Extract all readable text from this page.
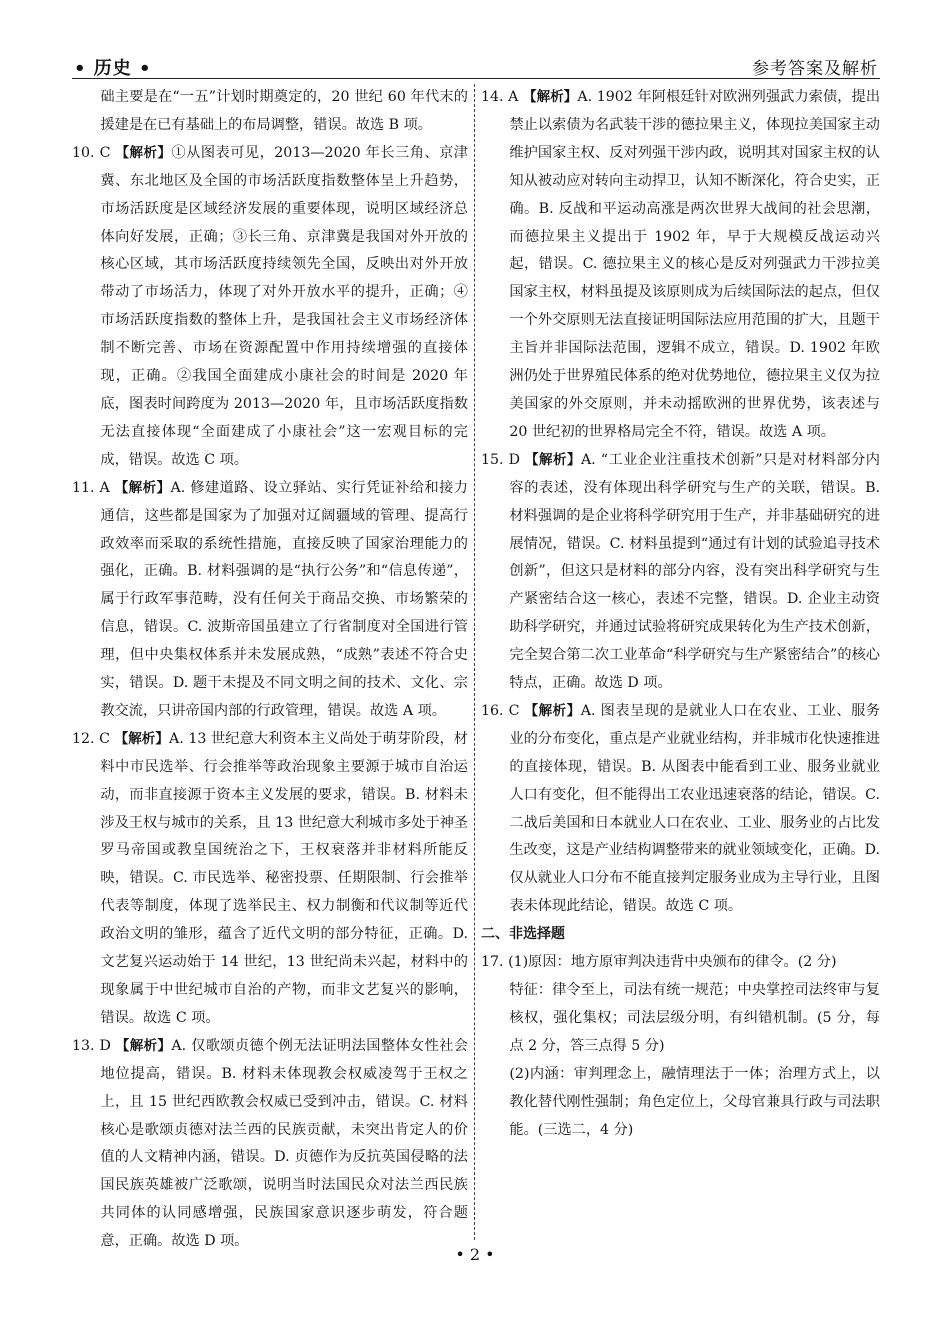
• 历史 •	参考答案及解析

础主要是在“一五”计划时期奠定的，20 世纪 60 年代末的援建是在已有基础上的布局调整，错误。故选 B 项。

10. C 【解析】①从图表可见，2013—2020 年长三角、京津冀、东北地区及全国的市场活跃度指数整体呈上升趋势，市场活跃度是区域经济发展的重要体现，说明区域经济总体向好发展，正确；③长三角、京津冀是我国对外开放的核心区域，其市场活跃度持续领先全国，反映出对外开放带动了市场活力，体现了对外开放水平的提升，正确；④市场活跃度指数的整体上升，是我国社会主义市场经济体制不断完善、市场在资源配置中作用持续增强的直接体现，正确。②我国全面建成小康社会的时间是 2020 年底，图表时间跨度为 2013—2020 年，且市场活跃度指数无法直接体现“全面建成了小康社会”这一宏观目标的完成，错误。故选 C 项。

11. A 【解析】A. 修建道路、设立驿站、实行凭证补给和接力通信，这些都是国家为了加强对辽阔疆域的管理、提高行政效率而采取的系统性措施，直接反映了国家治理能力的强化，正确。B. 材料强调的是“执行公务”和“信息传递”，属于行政军事范畴，没有任何关于商品交换、市场繁荣的信息，错误。C. 波斯帝国虽建立了行省制度对全国进行管理，但中央集权体系并未发展成熟，“成熟”表述不符合史实，错误。D. 题干未提及不同文明之间的技术、文化、宗教交流，只讲帝国内部的行政管理，错误。故选 A 项。

12. C 【解析】A. 13 世纪意大利资本主义尚处于萌芽阶段，材料中市民选举、行会推举等政治现象主要源于城市自治运动，而非直接源于资本主义发展的要求，错误。B. 材料未涉及王权与城市的关系，且 13 世纪意大利城市多处于神圣罗马帝国或教皇国统治之下，王权衰落并非材料所能反映，错误。C. 市民选举、秘密投票、任期限制、行会推举代表等制度，体现了选举民主、权力制衡和代议制等近代政治文明的雏形，蕴含了近代文明的部分特征，正确。D. 文艺复兴运动始于 14 世纪，13 世纪尚未兴起，材料中的现象属于中世纪城市自治的产物，而非文艺复兴的影响，错误。故选 C 项。

13. D 【解析】A. 仅歌颂贞德个例无法证明法国整体女性社会地位提高，错误。B. 材料未体现教会权威凌驾于王权之上，且 15 世纪西欧教会权威已受到冲击，错误。C. 材料核心是歌颂贞德对法兰西的民族贡献，未突出肯定人的价值的人文精神内涵，错误。D. 贞德作为反抗英国侵略的法国民族英雄被广泛歌颂，说明当时法国民众对法兰西民族共同体的认同感增强，民族国家意识逐步萌发，符合题意，正确。故选 D 项。

14. A 【解析】A. 1902 年阿根廷针对欧洲列强武力索债，提出禁止以索债为名武装干涉的德拉果主义，体现拉美国家主动维护国家主权、反对列强干涉内政，说明其对国家主权的认知从被动应对转向主动捍卫，认知不断深化，符合史实，正确。B. 反战和平运动高涨是两次世界大战间的社会思潮，而德拉果主义提出于 1902 年，早于大规模反战运动兴起，错误。C. 德拉果主义的核心是反对列强武力干涉拉美国家主权，材料虽提及该原则成为后续国际法的起点，但仅一个外交原则无法直接证明国际法应用范围的扩大，且题干主旨并非国际法范围，逻辑不成立，错误。D. 1902 年欧洲仍处于世界殖民体系的绝对优势地位，德拉果主义仅为拉美国家的外交原则，并未动摇欧洲的世界优势，该表述与 20 世纪初的世界格局完全不符，错误。故选 A 项。

15. D 【解析】A. “工业企业注重技术创新”只是对材料部分内容的表述，没有体现出科学研究与生产的关联，错误。B. 材料强调的是企业将科学研究用于生产，并非基础研究的进展情况，错误。C. 材料虽提到“通过有计划的试验追寻技术创新”，但这只是材料的部分内容，没有突出科学研究与生产紧密结合这一核心，表述不完整，错误。D. 企业主动资助科学研究，并通过试验将研究成果转化为生产技术创新，完全契合第二次工业革命“科学研究与生产紧密结合”的核心特点，正确。故选 D 项。

16. C 【解析】A. 图表呈现的是就业人口在农业、工业、服务业的分布变化，重点是产业就业结构，并非城市化快速推进的直接体现，错误。B. 从图表中能看到工业、服务业就业人口有变化，但不能得出工农业迅速衰落的结论，错误。C. 二战后美国和日本就业人口在农业、工业、服务业的占比发生改变，这是产业结构调整带来的就业领域变化，正确。D. 仅从就业人口分布不能直接判定服务业成为主导行业，且图表未体现此结论，错误。故选 C 项。

二、非选择题

17. (1)原因：地方原审判决违背中央颁布的律令。(2 分)

特征：律令至上，司法有统一规范；中央掌控司法终审与复核权，强化集权；司法层级分明，有纠错机制。(5 分，每点 2 分，答三点得 5 分)

(2)内涵：审判理念上，融情理法于一体；治理方式上，以教化替代刚性强制；角色定位上，父母官兼具行政与司法职能。(三选二，4 分)

• 2 •
